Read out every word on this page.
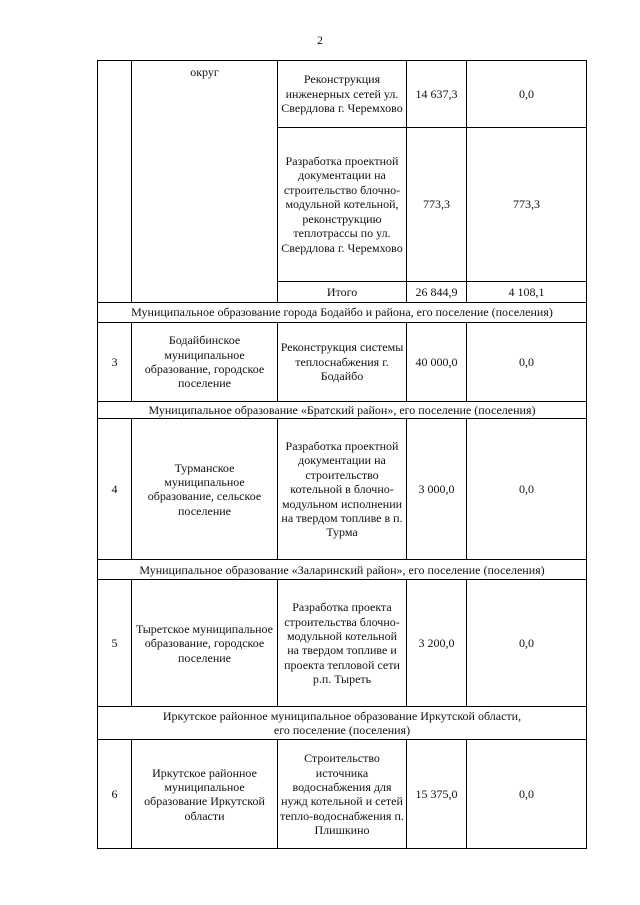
2
	округ	Реконструкция инженерных сетей ул. Свердлова г. Черемхово	14 637,3	0,0
		Разработка проектной документации на строительство блочно-модульной котельной, реконструкцию теплотрассы по ул. Свердлова г. Черемхово	773,3	773,3
		Итого	26 844,9	4 108,1
Муниципальное образование города Бодайбо и района, его поселение (поселения)				
3	Бодайбинское муниципальное образование, городское поселение	Реконструкция системы теплоснабжения г. Бодайбо	40 000,0	0,0
Муниципальное образование «Братский район», его поселение (поселения)				
4	Турманское муниципальное образование, сельское поселение	Разработка проектной документации на строительство котельной в блочно-модульном исполнении на твердом топливе в п. Турма	3 000,0	0,0
Муниципальное образование «Заларинский район», его поселение (поселения)				
5	Тыретское муниципальное образование, городское поселение	Разработка проекта строительства блочно-модульной котельной на твердом топливе и проекта тепловой сети р.п. Тыреть	3 200,0	0,0
Иркутское районное муниципальное образование Иркутской области,
его поселение (поселения)				
6	Иркутское районное муниципальное образование Иркутской области	Строительство источника водоснабжения для нужд котельной и сетей тепло-водоснабжения п. Плишкино	15 375,0	0,0
